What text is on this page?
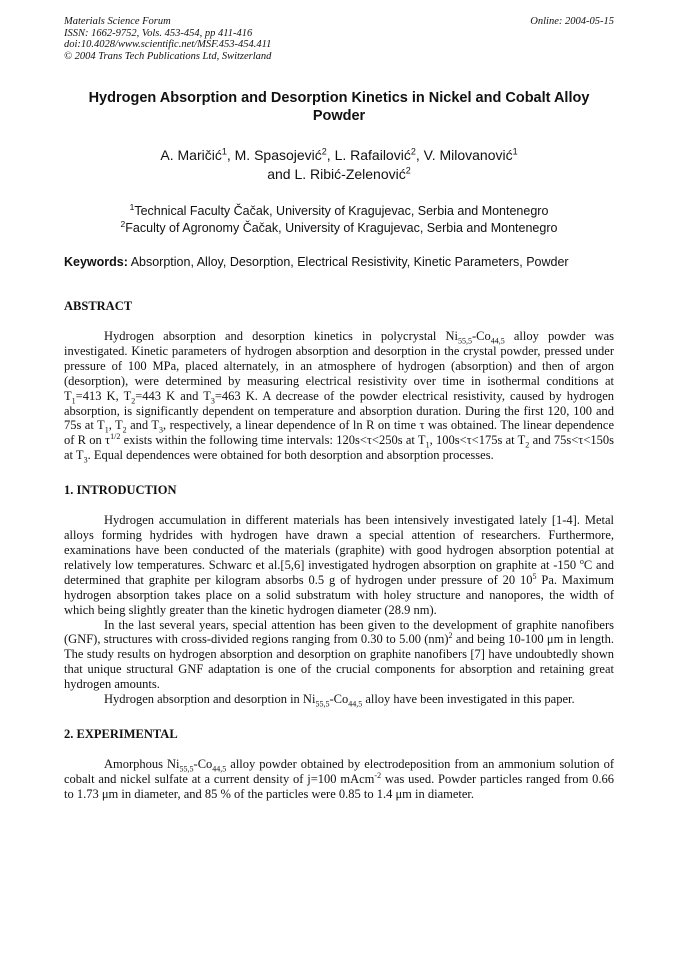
Materials Science Forum
ISSN: 1662-9752, Vols. 453-454, pp 411-416
doi:10.4028/www.scientific.net/MSF.453-454.411
© 2004 Trans Tech Publications Ltd, Switzerland
Online: 2004-05-15
Hydrogen Absorption and Desorption Kinetics in Nickel and Cobalt Alloy Powder
A. Maričić$^1$, M. Spasojević$^2$, L. Rafailović$^2$, V. Milovanović$^1$
and L. Ribić-Zelenović$^2$
$^1$Technical Faculty Čačak, University of Kragujevac, Serbia and Montenegro
$^2$Faculty of Agronomy Čačak, University of Kragujevac, Serbia and Montenegro
Keywords: Absorption, Alloy, Desorption, Electrical Resistivity, Kinetic Parameters, Powder
ABSTRACT

Hydrogen absorption and desorption kinetics in polycrystal $Ni_{55,5}-Co_{44,5}$ alloy powder was investigated. Kinetic parameters of hydrogen absorption and desorption in the crystal powder, pressed under pressure of 100 MPa, placed alternately, in an atmosphere of hydrogen (absorption) and then of argon (desorption), were determined by measuring electrical resistivity over time in isothermal conditions at $T_1=413$ K, $T_2=443$ K and $T_3=463$ K. A decrease of the powder electrical resistivity, caused by hydrogen absorption, is significantly dependent on temperature and absorption duration. During the first 120, 100 and 75s at $T_1$, $T_2$ and $T_3$, respectively, a linear dependence of ln R on time τ was obtained. The linear dependence of R on $\tau^{1/2}$ exists within the following time intervals: 120s<τ<250s at $T_1$, 100s<τ<175s at $T_2$ and 75s<τ<150s at $T_3$. Equal dependences were obtained for both desorption and absorption processes.

1. INTRODUCTION

Hydrogen accumulation in different materials has been intensively investigated lately [1-4]. Metal alloys forming hydrides with hydrogen have drawn a special attention of researchers. Furthermore, examinations have been conducted of the materials (graphite) with good hydrogen absorption potential at relatively low temperatures. Schwarc et al.[5,6] investigated hydrogen absorption on graphite at -150 $^o$C and determined that graphite per kilogram absorbs 0.5 g of hydrogen under pressure of 20 $10^5$ Pa. Maximum hydrogen absorption takes place on a solid substratum with holey structure and nanopores, the width of which being slightly greater than the kinetic hydrogen diameter (28.9 nm).

In the last several years, special attention has been given to the development of graphite nanofibers (GNF), structures with cross-divided regions ranging from 0.30 to 5.00 (nm)$^2$ and being 10-100 μm in length. The study results on hydrogen absorption and desorption on graphite nanofibers [7] have undoubtedly shown that unique structural GNF adaptation is one of the crucial components for absorption and retaining great hydrogen amounts.

Hydrogen absorption and desorption in $Ni_{55,5}-Co_{44,5}$ alloy have been investigated in this paper.

2. EXPERIMENTAL

Amorphous $Ni_{55,5}-Co_{44,5}$ alloy powder obtained by electrodeposition from an ammonium solution of cobalt and nickel sulfate at a current density of j=100 mAcm$^{-2}$ was used. Powder particles ranged from 0.66 to 1.73 μm in diameter, and 85 % of the particles were 0.85 to 1.4 μm in diameter.
